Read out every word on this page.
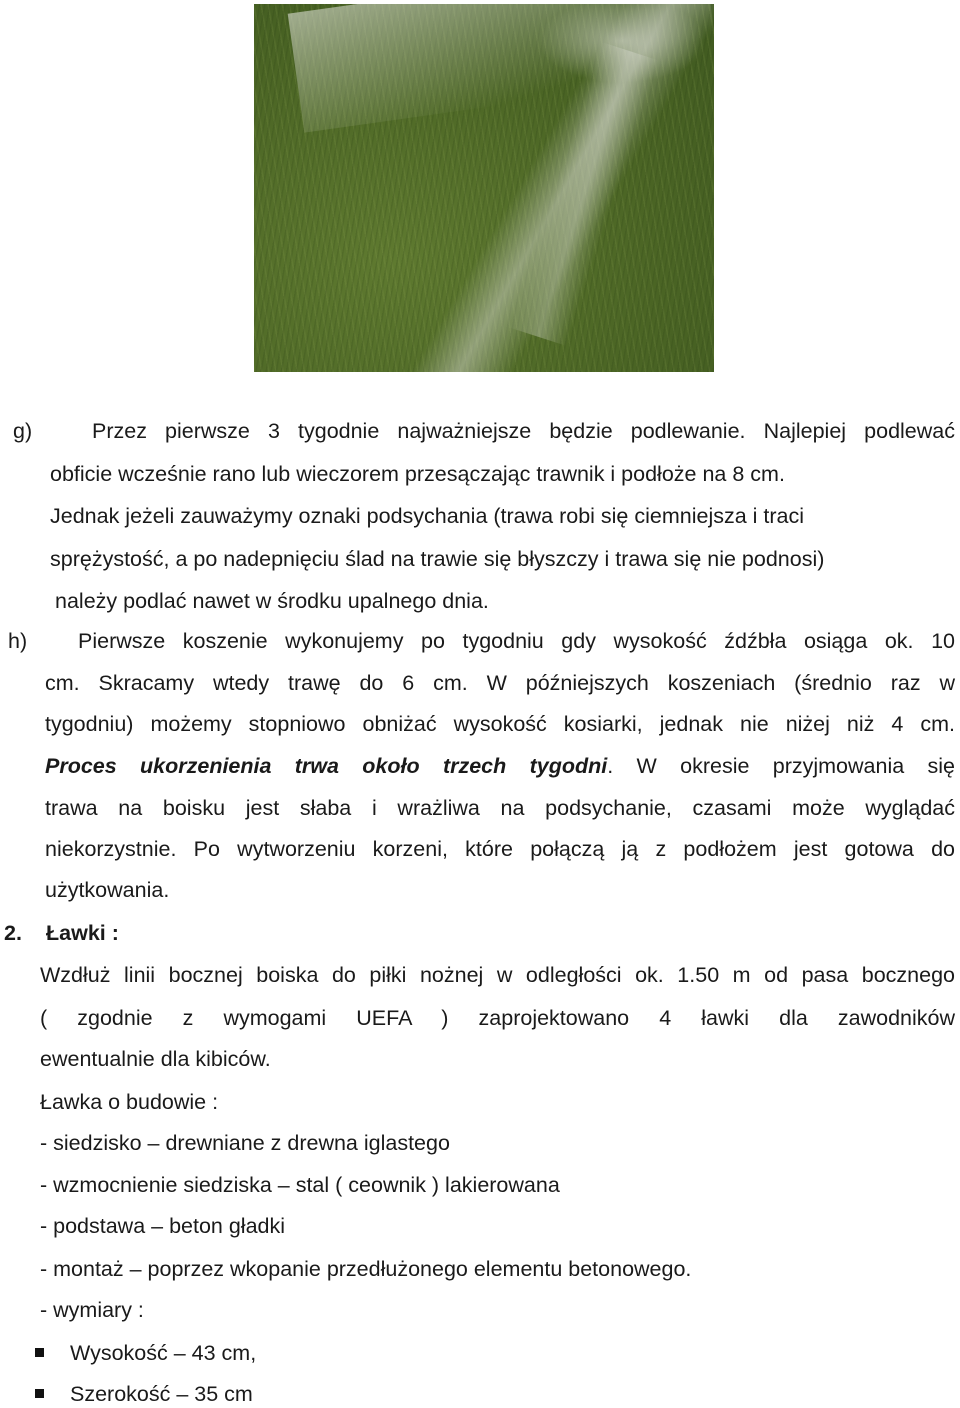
g)	Przez pierwsze 3 tygodnie najważniejsze będzie podlewanie. Najlepiej podlewać
obficie wcześnie rano lub wieczorem przesączając trawnik i podłoże na 8 cm.
Jednak jeżeli zauważymy oznaki podsychania (trawa robi się ciemniejsza i traci
sprężystość, a po nadepnięciu ślad na trawie się błyszczy i trawa się nie podnosi)
należy podlać nawet w środku upalnego dnia.
h) Pierwsze koszenie wykonujemy po tygodniu gdy wysokość źdźbła osiąga ok. 10
cm. Skracamy wtedy trawę do 6 cm. W późniejszych koszeniach (średnio raz w
tygodniu) możemy stopniowo obniżać wysokość kosiarki, jednak nie niżej niż 4 cm.
Proces ukorzenienia trwa około trzech tygodni. W okresie przyjmowania się
trawa na boisku jest słaba i wrażliwa na podsychanie, czasami może wyglądać
niekorzystnie. Po wytworzeniu korzeni, które połączą ją z podłożem jest gotowa do
użytkowania.
2. Ławki :
Wzdłuż linii bocznej boiska do piłki nożnej w odległości ok. 1.50 m od pasa bocznego
( zgodnie z wymogami UEFA ) zaprojektowano 4 ławki dla zawodników
ewentualnie dla kibiców.
Ławka o budowie :
- siedzisko – drewniane z drewna iglastego
- wzmocnienie siedziska – stal ( ceownik ) lakierowana
- podstawa – beton gładki
- montaż – poprzez wkopanie przedłużonego elementu betonowego.
- wymiary :
Wysokość – 43 cm,
Szerokość – 35 cm
